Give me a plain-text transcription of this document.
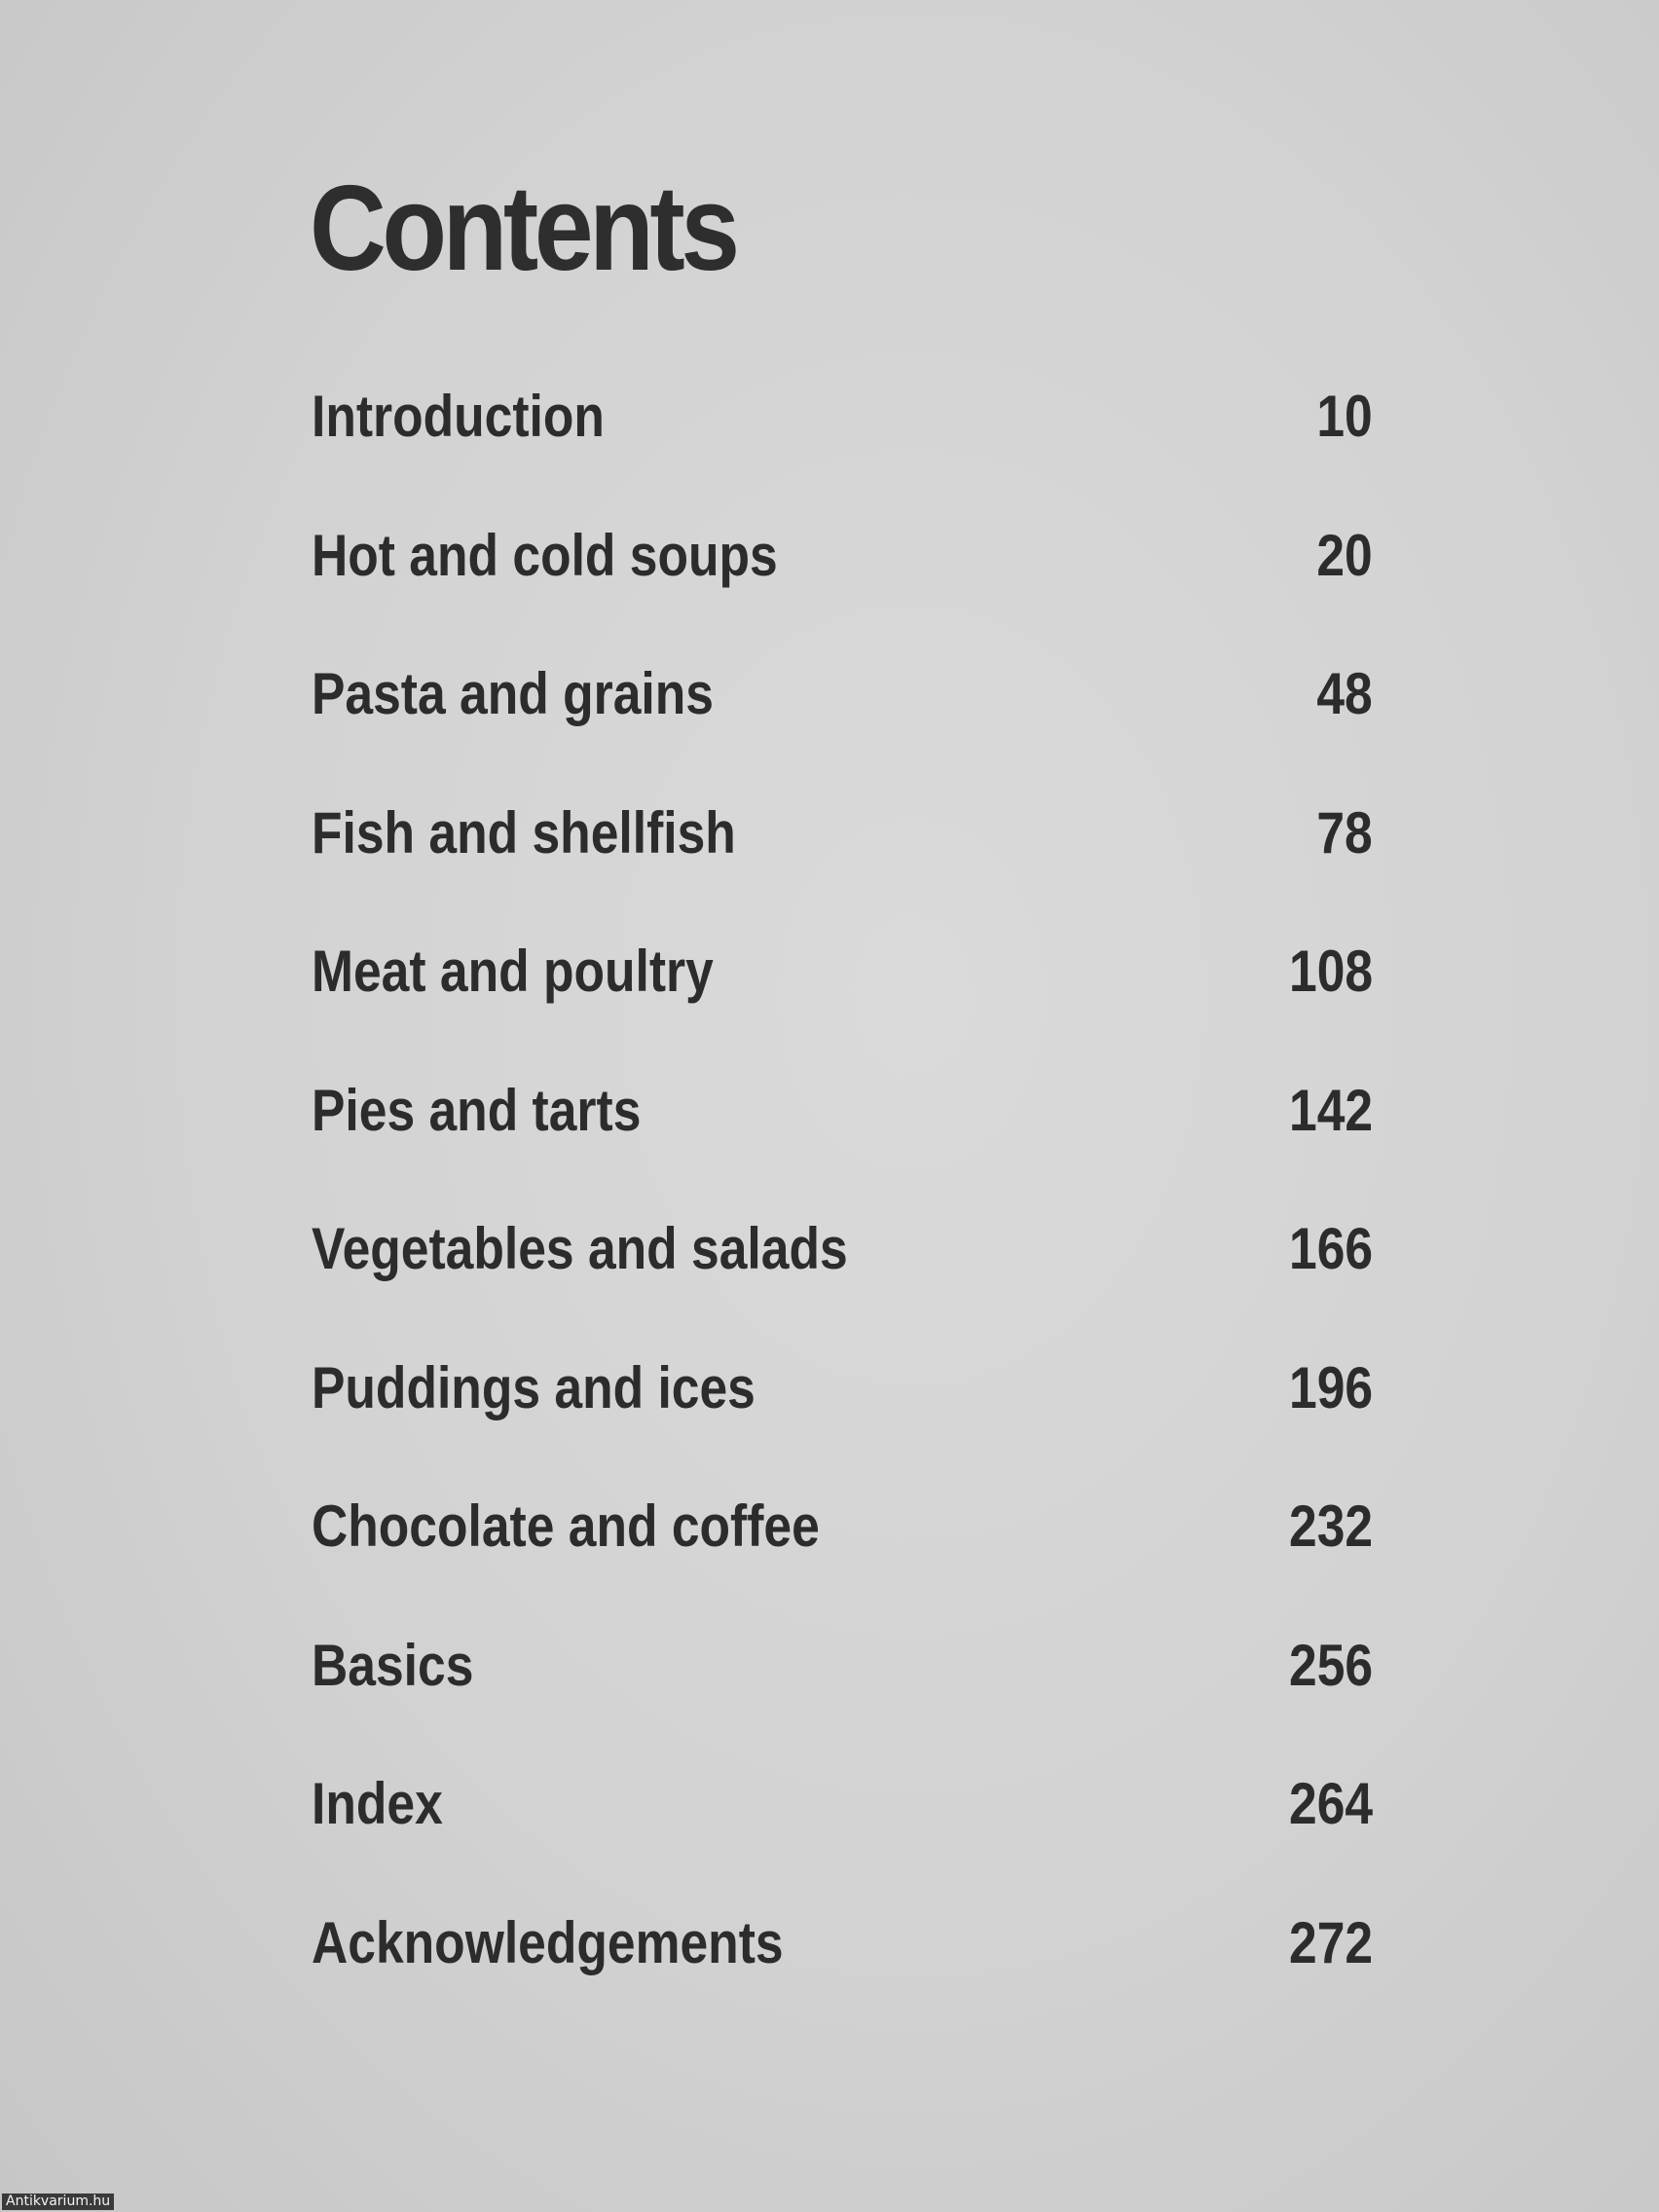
Contents
Introduction	10
Hot and cold soups	20
Pasta and grains	48
Fish and shellfish	78
Meat and poultry	108
Pies and tarts	142
Vegetables and salads	166
Puddings and ices	196
Chocolate and coffee	232
Basics	256
Index	264
Acknowledgements	272
Antikvarium.hu
